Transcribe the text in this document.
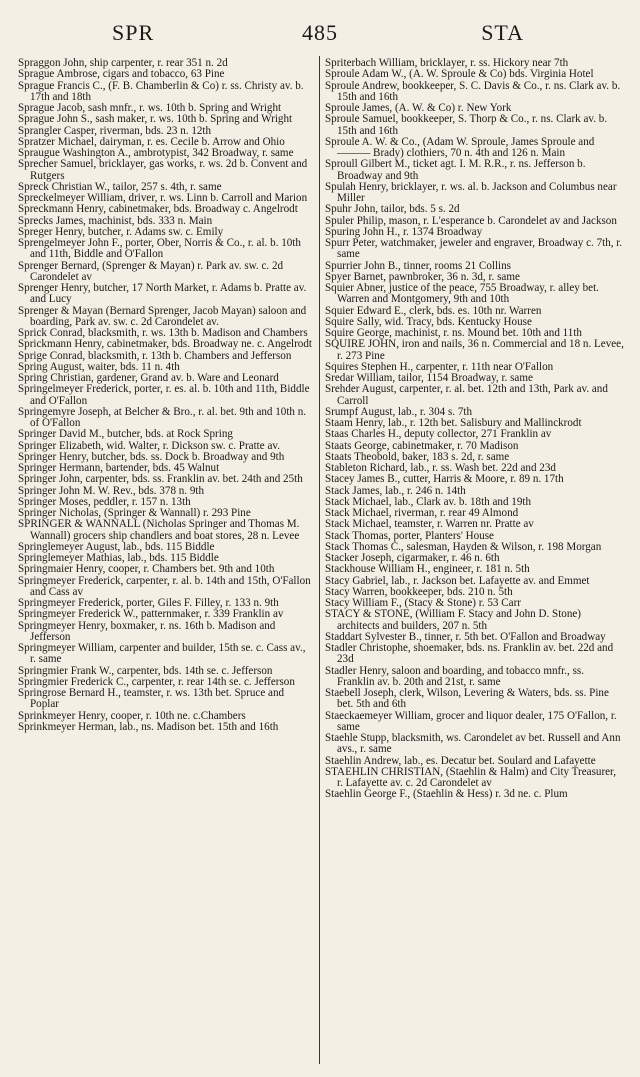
485
SPR	STA
Spraggon John, ship carpenter, r. rear 351 n. 2d
Sprague Ambrose, cigars and tobacco, 63 Pine
Sprague Francis C., (F. B. Chamberlin & Co) r. ss. Christy av. b. 17th and 18th
Sprague Jacob, sash mnfr., r. ws. 10th b. Spring and Wright
Sprague John S., sash maker, r. ws. 10th b. Spring and Wright
Sprangler Casper, riverman, bds. 23 n. 12th
Spratzer Michael, dairyman, r. es. Cecile b. Arrow and Ohio
Spraugue Washington A., ambrotypist, 342 Broadway, r. same
Sprecher Samuel, bricklayer, gas works, r. ws. 2d b. Convent and Rutgers
Spreck Christian W., tailor, 257 s. 4th, r. same
Spreckelmeyer William, driver, r. ws. Linn b. Carroll and Marion
Spreckmann Henry, cabinetmaker, bds. Broadway c. Angelrodt
Sprecks James, machinist, bds. 333 n. Main
Spreger Henry, butcher, r. Adams sw. c. Emily
Sprengelmeyer John F., porter, Ober, Norris & Co., r. al. b. 10th and 11th, Biddle and O'Fallon
Sprenger Bernard, (Sprenger & Mayan) r. Park av. sw. c. 2d Carondelet av
Sprenger Henry, butcher, 17 North Market, r. Adams b. Pratte av. and Lucy
Sprenger & Mayan (Bernard Sprenger, Jacob Mayan) saloon and boarding, Park av. sw. c. 2d Carondelet av.
Sprick Conrad, blacksmith, r. ws. 13th b. Madison and Chambers
Sprickmann Henry, cabinetmaker, bds. Broadway ne. c. Angelrodt
Sprige Conrad, blacksmith, r. 13th b. Chambers and Jefferson
Spring August, waiter, bds. 11 n. 4th
Spring Christian, gardener, Grand av. b. Ware and Leonard
Springelmeyer Frederick, porter, r. es. al. b. 10th and 11th, Biddle and O'Fallon
Springemyre Joseph, at Belcher & Bro., r. al. bet. 9th and 10th n. of O'Fallon
Springer David M., butcher, bds. at Rock Spring
Springer Elizabeth, wid. Walter, r. Dickson sw. c. Pratte av.
Springer Henry, butcher, bds. ss. Dock b. Broadway and 9th
Springer Hermann, bartender, bds. 45 Walnut
Springer John, carpenter, bds. ss. Franklin av. bet. 24th and 25th
Springer John M. W. Rev., bds. 378 n. 9th
Springer Moses, peddler, r. 157 n. 13th
Springer Nicholas, (Springer & Wannall) r. 293 Pine
SPRINGER & WANNALL (Nicholas Springer and Thomas M. Wannall) grocers ship chandlers and boat stores, 28 n. Levee
Springlemeyer August, lab., bds. 115 Biddle
Springlemeyer Mathias, lab., bds. 115 Biddle
Springmaier Henry, cooper, r. Chambers bet. 9th and 10th
Springmeyer Frederick, carpenter, r. al. b. 14th and 15th, O'Fallon and Cass av
Springmeyer Frederick, porter, Giles F. Filley, r. 133 n. 9th
Springmeyer Frederick W., patternmaker, r. 339 Franklin av
Springmeyer Henry, boxmaker, r. ns. 16th b. Madison and Jefferson
Springmeyer William, carpenter and builder, 15th se. c. Cass av., r. same
Springmier Frank W., carpenter, bds. 14th se. c. Jefferson
Springmier Frederick C., carpenter, r. rear 14th se. c. Jefferson
Springrose Bernard H., teamster, r. ws. 13th bet. Spruce and Poplar
Sprinkmeyer Henry, cooper, r. 10th ne. c.Chambers
Sprinkmeyer Herman, lab., ns. Madison bet. 15th and 16th
Spriterbach William, bricklayer, r. ss. Hickory near 7th
Sproule Adam W., (A. W. Sproule & Co) bds. Virginia Hotel
Sproule Andrew, bookkeeper, S. C. Davis & Co., r. ns. Clark av. b. 15th and 16th
Sproule James, (A. W. & Co) r. New York
Sproule Samuel, bookkeeper, S. Thorp & Co., r. ns. Clark av. b. 15th and 16th
Sproule A. W. & Co., (Adam W. Sproule, James Sproule and ——— Brady) clothiers, 70 n. 4th and 126 n. Main
Sproull Gilbert M., ticket agt. I. M. R.R., r. ns. Jefferson b. Broadway and 9th
Spulah Henry, bricklayer, r. ws. al. b. Jackson and Columbus near Miller
Spuhr John, tailor, bds. 5 s. 2d
Spuler Philip, mason, r. L'esperance b. Carondelet av and Jackson
Spuring John H., r. 1374 Broadway
Spurr Peter, watchmaker, jeweler and engraver, Broadway c. 7th, r. same
Spurrier John B., tinner, rooms 21 Collins
Spyer Barnet, pawnbroker, 36 n. 3d, r. same
Squier Abner, justice of the peace, 755 Broadway, r. alley bet. Warren and Montgomery, 9th and 10th
Squier Edward E., clerk, bds. es. 10th nr. Warren
Squire Sally, wid. Tracy, bds. Kentucky House
Squire George, machinist, r. ns. Mound bet. 10th and 11th
SQUIRE JOHN, iron and nails, 36 n. Commercial and 18 n. Levee, r. 273 Pine
Squires Stephen H., carpenter, r. 11th near O'Fallon
Sredar William, tailor, 1154 Broadway, r. same
Srehder August, carpenter, r. al. bet. 12th and 13th, Park av. and Carroll
Srumpf August, lab., r. 304 s. 7th
Staam Henry, lab., r. 12th bet. Salisbury and Mallinckrodt
Staas Charles H., deputy collector, 271 Franklin av
Staats George, cabinetmaker, r. 70 Madison
Staats Theobold, baker, 183 s. 2d, r. same
Stableton Richard, lab., r. ss. Wash bet. 22d and 23d
Stacey James B., cutter, Harris & Moore, r. 89 n. 17th
Stack James, lab., r. 246 n. 14th
Stack Michael, lab., Clark av. b. 18th and 19th
Stack Michael, riverman, r. rear 49 Almond
Stack Michael, teamster, r. Warren nr. Pratte av
Stack Thomas, porter, Planters' House
Stack Thomas C., salesman, Hayden & Wilson, r. 198 Morgan
Stacker Joseph, cigarmaker, r. 46 n. 6th
Stackhouse William H., engineer, r. 181 n. 5th
Stacy Gabriel, lab., r. Jackson bet. Lafayette av. and Emmet
Stacy Warren, bookkeeper, bds. 210 n. 5th
Stacy William F., (Stacy & Stone) r. 53 Carr
STACY & STONE, (William F. Stacy and John D. Stone) architects and builders, 207 n. 5th
Staddart Sylvester B., tinner, r. 5th bet. O'Fallon and Broadway
Stadler Christophe, shoemaker, bds. ns. Franklin av. bet. 22d and 23d
Stadler Henry, saloon and boarding, and tobacco mnfr., ss. Franklin av. b. 20th and 21st, r. same
Staebell Joseph, clerk, Wilson, Levering & Waters, bds. ss. Pine bet. 5th and 6th
Staeckaemeyer William, grocer and liquor dealer, 175 O'Fallon, r. same
Staehle Stupp, blacksmith, ws. Carondelet av bet. Russell and Ann avs., r. same
Staehlin Andrew, lab., es. Decatur bet. Soulard and Lafayette
STAEHLIN CHRISTIAN, (Staehlin & Halm) and City Treasurer, r. Lafayette av. c. 2d Carondelet av
Staehlin George F., (Staehlin & Hess) r. 3d ne. c. Plum
